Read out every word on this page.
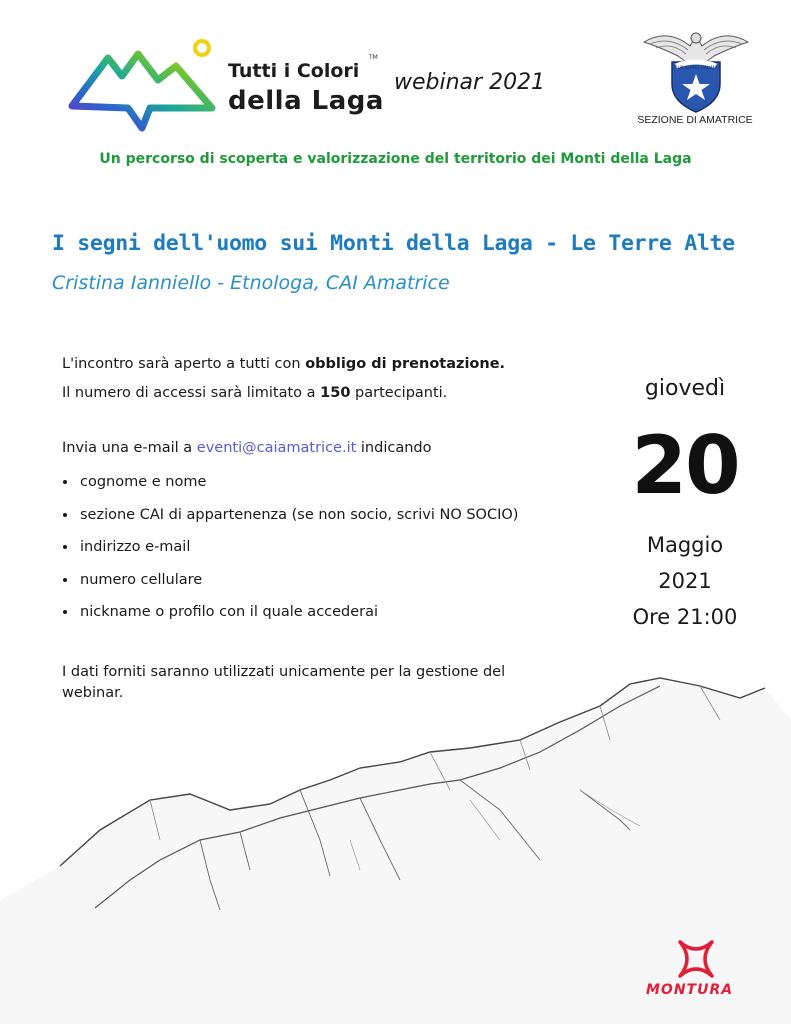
Tutti i Colori
della Laga
TM
webinar 2021
CLUB ALPINO ITALIANO
SEZIONE DI AMATRICE
Un percorso di scoperta e valorizzazione del territorio dei Monti della Laga
I segni dell'uomo sui Monti della Laga - Le Terre Alte
Cristina Ianniello - Etnologa, CAI Amatrice
L'incontro sarà aperto a tutti con obbligo di prenotazione.
Il numero di accessi sarà limitato a 150 partecipanti.
Invia una e-mail a eventi@caiamatrice.it indicando
cognome e nome
sezione CAI di appartenenza (se non socio, scrivi NO SOCIO)
indirizzo e-mail
numero cellulare
nickname o profilo con il quale accederai
I dati forniti saranno utilizzati unicamente per la gestione del
webinar.
giovedì
20
Maggio
2021
Ore 21:00
MONTURA
